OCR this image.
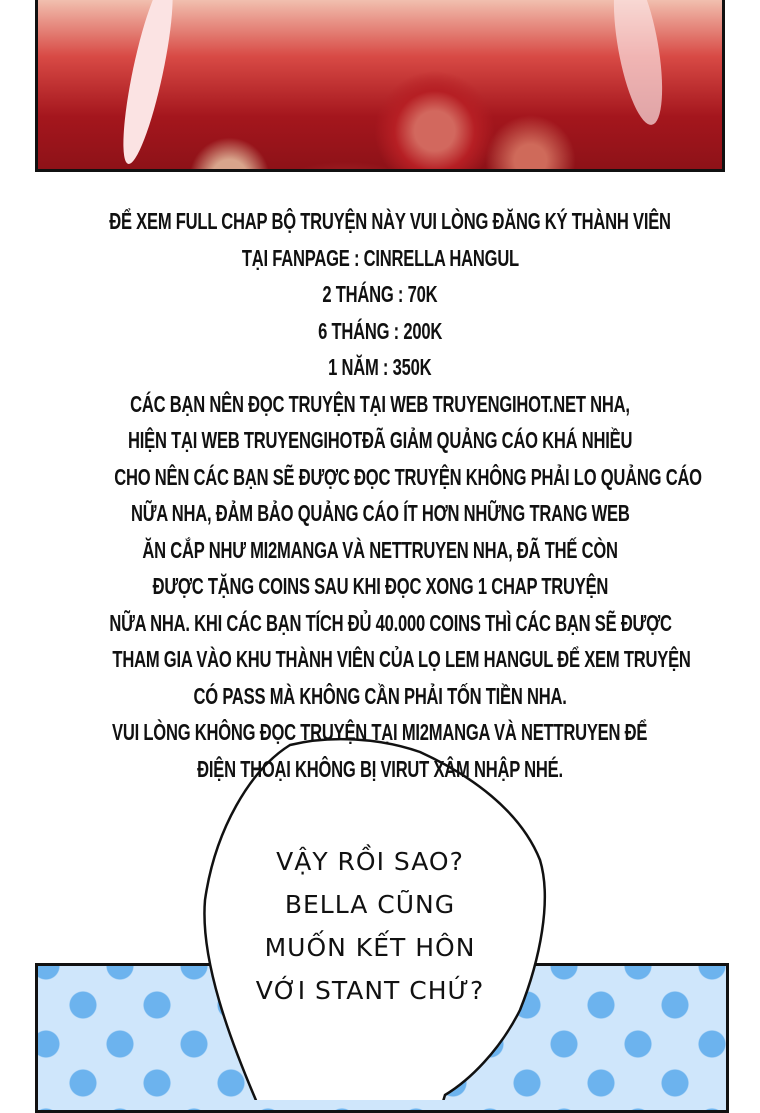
ĐỂ XEM FULL CHAP BỘ TRUYỆN NÀY VUI LÒNG ĐĂNG KÝ THÀNH VIÊN
TẠI FANPAGE : CINRELLA HANGUL
2 THÁNG : 70K
6 THÁNG : 200K
1 NĂM : 350K
CÁC BẠN NÊN ĐỌC TRUYỆN TẠI WEB TRUYENGIHOT.NET NHA,
HIỆN TẠI WEB TRUYENGIHOTĐÃ GIẢM QUẢNG CÁO KHÁ NHIỀU
CHO NÊN CÁC BẠN SẼ ĐƯỢC ĐỌC TRUYỆN KHÔNG PHẢI LO QUẢNG CÁO
NỮA NHA, ĐẢM BẢO QUẢNG CÁO ÍT HƠN NHỮNG TRANG WEB
ĂN CẮP NHƯ MI2MANGA VÀ NETTRUYEN NHA, ĐÃ THẾ CÒN
ĐƯỢC TẶNG COINS SAU KHI ĐỌC XONG 1 CHAP TRUYỆN
NỮA NHA. KHI CÁC BẠN TÍCH ĐỦ 40.000 COINS THÌ CÁC BẠN SẼ ĐƯỢC
THAM GIA VÀO KHU THÀNH VIÊN CỦA LỌ LEM HANGUL ĐỂ XEM TRUYỆN
CÓ PASS MÀ KHÔNG CẦN PHẢI TỐN TIỀN NHA.
VUI LÒNG KHÔNG ĐỌC TRUYỆN TẠI MI2MANGA VÀ NETTRUYEN ĐỂ
ĐIỆN THOẠI KHÔNG BỊ VIRUT XÂM NHẬP NHÉ.
VẬY RỒI SAO?
BELLA CŨNG
MUỐN KẾT HÔN
VỚI STANT CHỨ?
